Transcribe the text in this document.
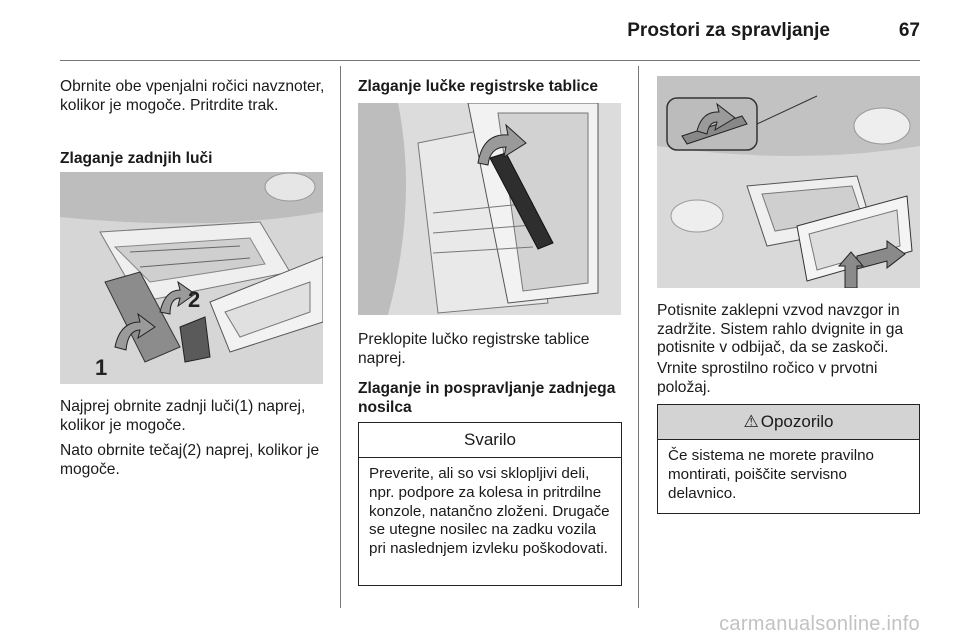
Prostori za spravljanje	67
Obrnite obe vpenjalni ročici navznoter, kolikor je mogoče. Pritrdite trak.
Zlaganje zadnjih luči
1
2
Najprej obrnite zadnji luči(1) naprej, kolikor je mogoče.
Nato obrnite tečaj(2) naprej, kolikor je mogoče.
Zlaganje lučke registrske tablice
Preklopite lučko registrske tablice naprej.
Zlaganje in pospravljanje zadnjega nosilca
Svarilo
Preverite, ali so vsi sklopljivi deli, npr. podpore za kolesa in pritrdilne konzole, natančno zloženi. Drugače se utegne nosilec na zadku vozila pri naslednjem izvleku poškodovati.
Potisnite zaklepni vzvod navzgor in zadržite. Sistem rahlo dvignite in ga potisnite v odbijač, da se zaskoči.
Vrnite sprostilno ročico v prvotni položaj.
⚠ Opozorilo
Če sistema ne morete pravilno montirati, poiščite servisno delavnico.
carmanualsonline.info
